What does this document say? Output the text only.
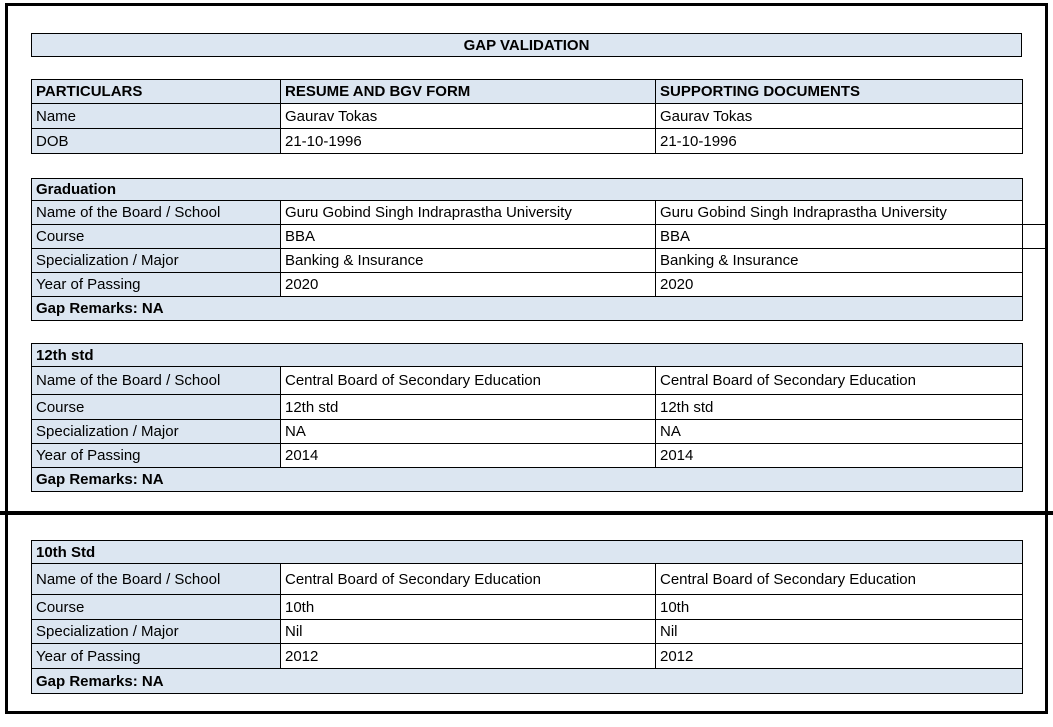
GAP VALIDATION
PARTICULARS	RESUME AND BGV FORM	SUPPORTING DOCUMENTS
Name	Gaurav Tokas	Gaurav Tokas
DOB	21-10-1996	21-10-1996
Graduation		
Name of the Board / School	Guru Gobind Singh Indraprastha University	Guru Gobind Singh Indraprastha University
Course	BBA	BBA
Specialization / Major	Banking & Insurance	Banking & Insurance
Year of Passing	2020	2020
Gap Remarks: NA		
12th std		
Name of the Board / School	Central Board of Secondary Education	Central Board of Secondary Education
Course	12th std	12th std
Specialization / Major	NA	NA
Year of Passing	2014	2014
Gap Remarks: NA		
10th Std		
Name of the Board / School	Central Board of Secondary Education	Central Board of Secondary Education
Course	10th	10th
Specialization / Major	Nil	Nil
Year of Passing	2012	2012
Gap Remarks: NA		
